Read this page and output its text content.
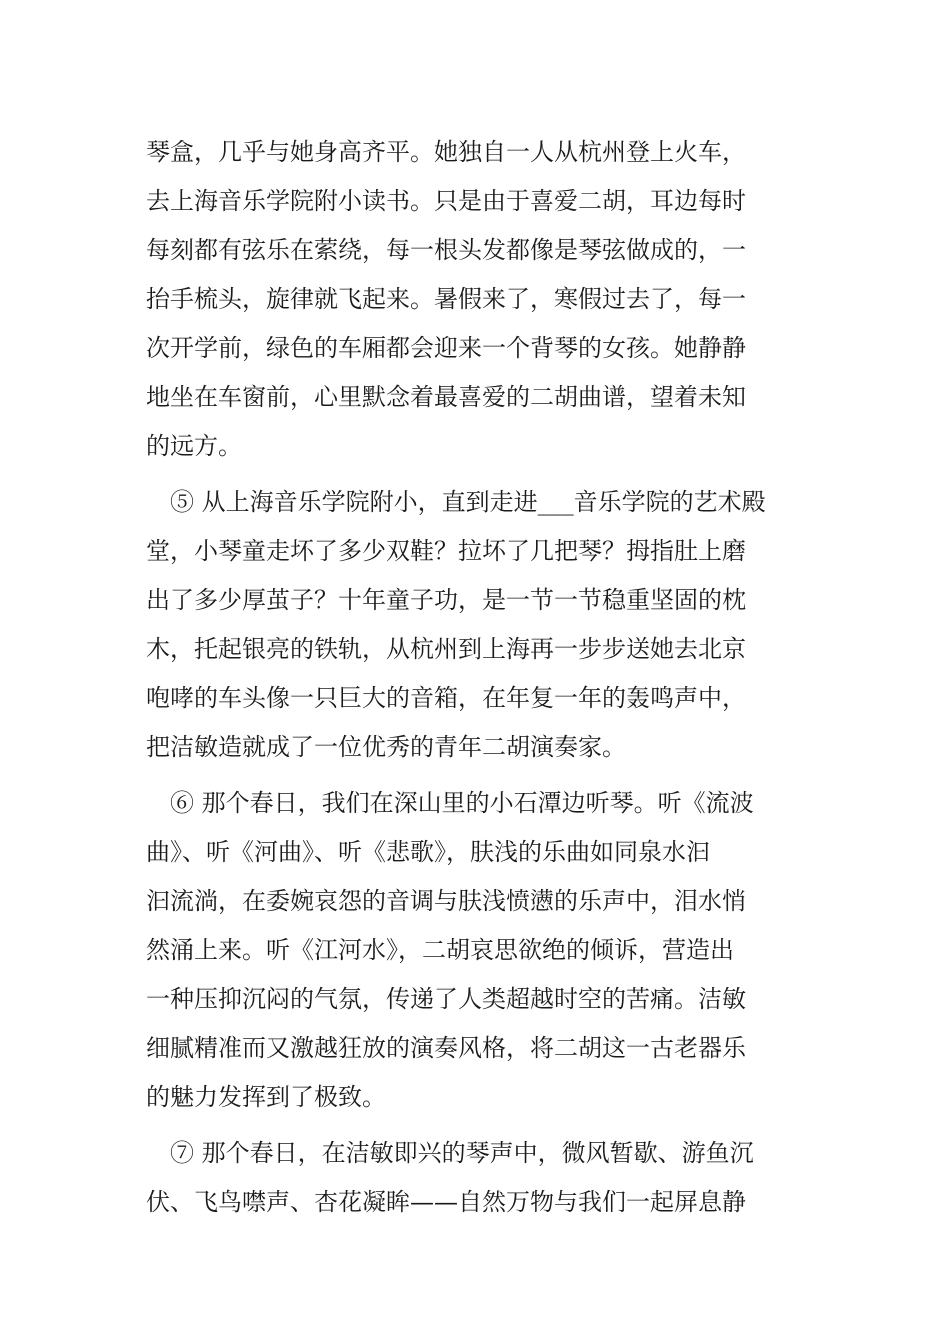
琴盒，几乎与她身高齐平。她独自一人从杭州登上火车，
去上海音乐学院附小读书。只是由于喜爱二胡，耳边每时
每刻都有弦乐在萦绕，每一根头发都像是琴弦做成的，一
抬手梳头，旋律就飞起来。暑假来了，寒假过去了，每一
次开学前，绿色的车厢都会迎来一个背琴的女孩。她静静
地坐在车窗前，心里默念着最喜爱的二胡曲谱，望着未知
的远方。
⑤ 从上海音乐学院附小，直到走进___音乐学院的艺术殿
堂，小琴童走坏了多少双鞋？拉坏了几把琴？拇指肚上磨
出了多少厚茧子？十年童子功，是一节一节稳重坚固的枕
木，托起银亮的铁轨，从杭州到上海再一步步送她去北京
咆哮的车头像一只巨大的音箱，在年复一年的轰鸣声中，
把洁敏造就成了一位优秀的青年二胡演奏家。
⑥ 那个春日，我们在深山里的小石潭边听琴。听《流波
曲》、听《河曲》、听《悲歌》，肤浅的乐曲如同泉水汩
汩流淌，在委婉哀怨的音调与肤浅愤懑的乐声中，泪水悄
然涌上来。听《江河水》，二胡哀思欲绝的倾诉，营造出
一种压抑沉闷的气氛，传递了人类超越时空的苦痛。洁敏
细腻精准而又激越狂放的演奏风格，将二胡这一古老器乐
的魅力发挥到了极致。
⑦ 那个春日，在洁敏即兴的琴声中，微风暂歇、游鱼沉
伏、飞鸟噤声、杏花凝眸——自然万物与我们一起屏息静
